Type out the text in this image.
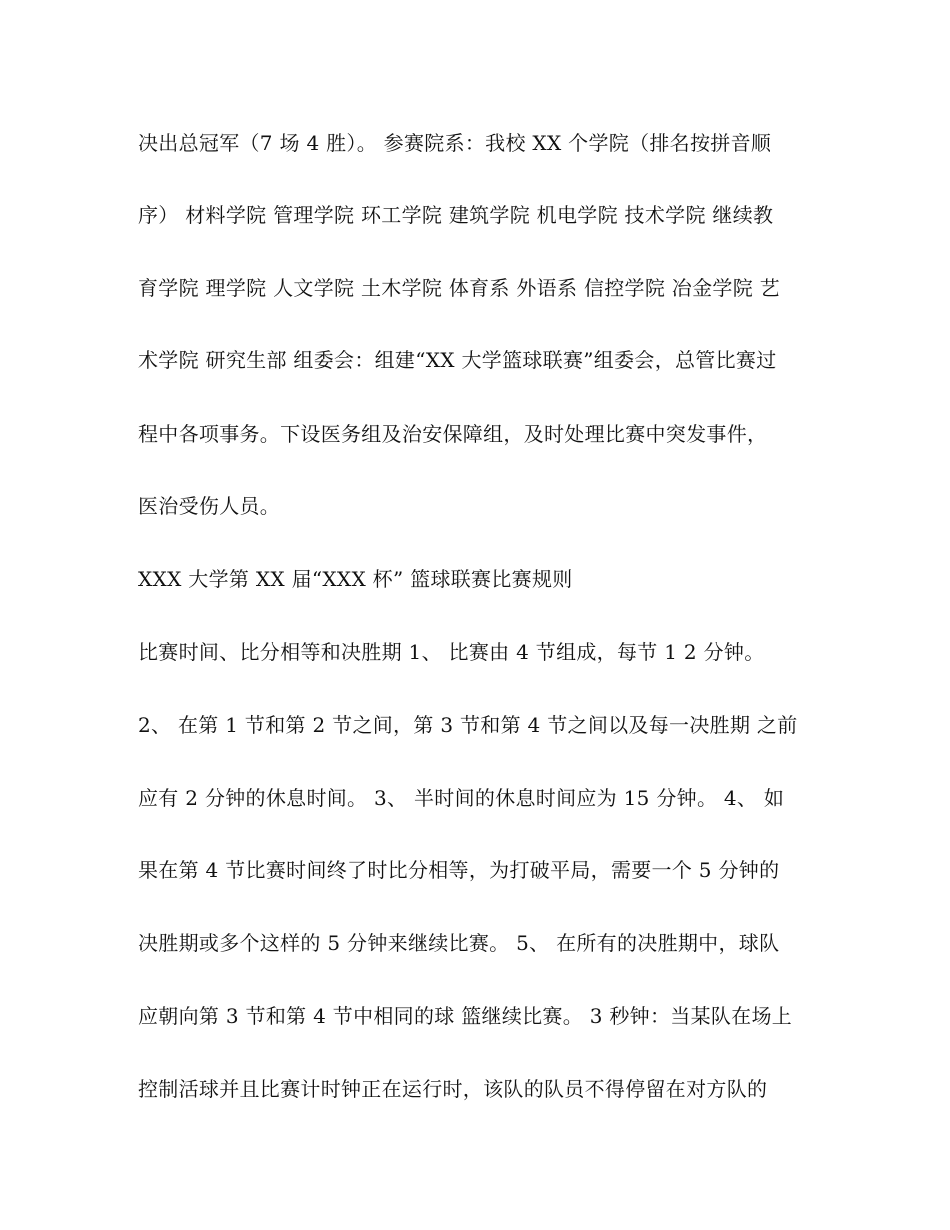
决出总冠军（7 场 4 胜）。 参赛院系：我校 XX 个学院（排名按拼音顺

序） 材料学院 管理学院 环工学院 建筑学院 机电学院 技术学院 继续教

育学院 理学院 人文学院 土木学院 体育系 外语系 信控学院 冶金学院 艺

术学院 研究生部 组委会：组建“XX 大学篮球联赛”组委会，总管比赛过

程中各项事务。下设医务组及治安保障组，及时处理比赛中突发事件，

医治受伤人员。

XXX 大学第 XX 届“XXX 杯” 篮球联赛比赛规则

比赛时间、比分相等和决胜期 1、 比赛由 4 节组成，每节 1 2 分钟。

2、 在第 1 节和第 2 节之间，第 3 节和第 4 节之间以及每一决胜期 之前

应有 2 分钟的休息时间。 3、 半时间的休息时间应为 15 分钟。 4、 如

果在第 4 节比赛时间终了时比分相等，为打破平局，需要一个 5 分钟的

决胜期或多个这样的 5 分钟来继续比赛。 5、 在所有的决胜期中，球队

应朝向第 3 节和第 4 节中相同的球 篮继续比赛。 3 秒钟：当某队在场上

控制活球并且比赛计时钟正在运行时，该队的队员不得停留在对方队的
